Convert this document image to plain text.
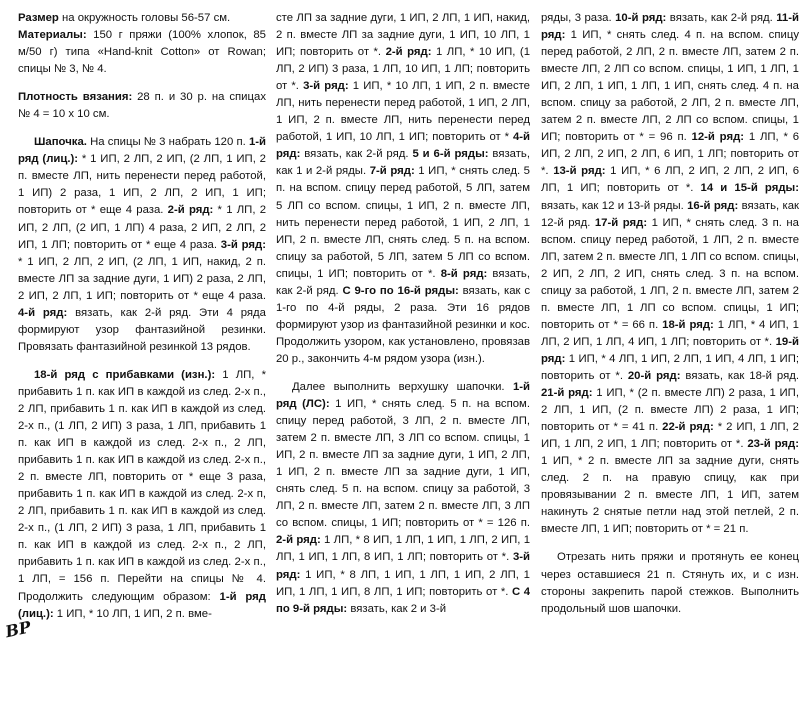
Размер на окружность головы 56-57 см.

Материалы: 150 г пряжи (100% хлопок, 85 м/50 г) типа «Hand-knit Cotton» от Rowan; спицы № 3, № 4.

Плотность вязания: 28 п. и 30 р. на спицах № 4 = 10 х 10 см.

Шапочка. На спицы № 3 набрать 120 п. 1-й ряд (лиц.): * 1 ИП, 2 ЛП, 2 ИП, (2 ЛП, 1 ИП, 2 п. вместе ЛП, нить перенести перед работой, 1 ИП) 2 раза, 1 ИП, 2 ЛП, 2 ИП, 1 ИП; повторить от * еще 4 раза. 2-й ряд: * 1 ЛП, 2 ИП, 2 ЛП, (2 ИП, 1 ЛП) 4 раза, 2 ИП, 2 ЛП, 2 ИП, 1 ЛП; повторить от * еще 4 раза. 3-й ряд: * 1 ИП, 2 ЛП, 2 ИП, (2 ЛП, 1 ИП, накид, 2 п. вместе ЛП за задние дуги, 1 ИП) 2 раза, 2 ЛП, 2 ИП, 2 ЛП, 1 ИП; повторить от * еще 4 раза. 4-й ряд: вязать, как 2-й ряд. Эти 4 ряда формируют узор фантазийной резинки. Провязать фантазийной резинкой 13 рядов.

18-й ряд с прибавками (изн.): 1 ЛП, * прибавить 1 п. как ИП в каждой из след. 2-х п., 2 ЛП, прибавить 1 п. как ИП в каждой из след. 2-х п., (1 ЛП, 2 ИП) 3 раза, 1 ЛП, прибавить 1 п. как ИП в каждой из след. 2-х п., 2 ЛП, прибавить 1 п. как ИП в каждой из след. 2-х п., 2 п. вместе ЛП, повторить от * еще 3 раза, прибавить 1 п. как ИП в каждой из след. 2-х п, 2 ЛП, прибавить 1 п. как ИП в каждой из след. 2-х п., (1 ЛП, 2 ИП) 3 раза, 1 ЛП, прибавить 1 п. как ИП в каждой из след. 2-х п., 2 ЛП, прибавить 1 п. как ИП в каждой из след. 2-х п., 1 ЛП, = 156 п. Перейти на спицы № 4. Продолжить следующим образом: 1-й ряд (лиц.): 1 ИП, * 10 ЛП, 1 ИП, 2 п. вме-

сте ЛП за задние дуги, 1 ИП, 2 ЛП, 1 ИП, накид, 2 п. вместе ЛП за задние дуги, 1 ИП, 10 ЛП, 1 ИП; повторить от *. 2-й ряд: 1 ЛП, * 10 ИП, (1 ЛП, 2 ИП) 3 раза, 1 ЛП, 10 ИП, 1 ЛП; повторить от *. 3-й ряд: 1 ИП, * 10 ЛП, 1 ИП, 2 п. вместе ЛП, нить перенести перед работой, 1 ИП, 2 ЛП, 1 ИП, 2 п. вместе ЛП, нить перенести перед работой, 1 ИП, 10 ЛП, 1 ИП; повторить от * 4-й ряд: вязать, как 2-й ряд. 5 и 6-й ряды: вязать, как 1 и 2-й ряды. 7-й ряд: 1 ИП, * снять след. 5 п. на вспом. спицу перед работой, 5 ЛП, затем 5 ЛП со вспом. спицы, 1 ИП, 2 п. вместе ЛП, нить перенести перед работой, 1 ИП, 2 ЛП, 1 ИП, 2 п. вместе ЛП, снять след. 5 п. на вспом. спицу за работой, 5 ЛП, затем 5 ЛП со вспом. спицы, 1 ИП; повторить от *. 8-й ряд: вязать, как 2-й ряд. С 9-го по 16-й ряды: вязать, как с 1-го по 4-й ряды, 2 раза. Эти 16 рядов формируют узор из фантазийной резинки и кос. Продолжить узором, как установлено, провязав 20 р., закончить 4-м рядом узора (изн.).

Далее выполнить верхушку шапочки. 1-й ряд (ЛС): 1 ИП, * снять след. 5 п. на вспом. спицу перед работой, 3 ЛП, 2 п. вместе ЛП, затем 2 п. вместе ЛП, 3 ЛП со вспом. спицы, 1 ИП, 2 п. вместе ЛП за задние дуги, 1 ИП, 2 ЛП, 1 ИП, 2 п. вместе ЛП за задние дуги, 1 ИП, снять след. 5 п. на вспом. спицу за работой, 3 ЛП, 2 п. вместе ЛП, затем 2 п. вместе ЛП, 3 ЛП со вспом. спицы, 1 ИП; повторить от * = 126 п. 2-й ряд: 1 ЛП, * 8 ИП, 1 ЛП, 1 ИП, 1 ЛП, 2 ИП, 1 ЛП, 1 ИП, 1 ЛП, 8 ИП, 1 ЛП; повторить от *. 3-й ряд: 1 ИП, * 8 ЛП, 1 ИП, 1 ЛП, 1 ИП, 2 ЛП, 1 ИП, 1 ЛП, 1 ИП, 8 ЛП, 1 ИП; повторить от *. С 4 по 9-й ряды: вязать, как 2 и 3-й

ряды, 3 раза. 10-й ряд: вязать, как 2-й ряд. 11-й ряд: 1 ИП, * снять след. 4 п. на вспом. спицу перед работой, 2 ЛП, 2 п. вместе ЛП, затем 2 п. вместе ЛП, 2 ЛП со вспом. спицы, 1 ИП, 1 ЛП, 1 ИП, 2 ЛП, 1 ИП, 1 ЛП, 1 ИП, снять след. 4 п. на вспом. спицу за работой, 2 ЛП, 2 п. вместе ЛП, затем 2 п. вместе ЛП, 2 ЛП со вспом. спицы, 1 ИП; повторить от * = 96 п. 12-й ряд: 1 ЛП, * 6 ИП, 2 ЛП, 2 ИП, 2 ЛП, 6 ИП, 1 ЛП; повторить от *. 13-й ряд: 1 ИП, * 6 ЛП, 2 ИП, 2 ЛП, 2 ИП, 6 ЛП, 1 ИП; повторить от *. 14 и 15-й ряды: вязать, как 12 и 13-й ряды. 16-й ряд: вязать, как 12-й ряд. 17-й ряд: 1 ИП, * снять след. 3 п. на вспом. спицу перед работой, 1 ЛП, 2 п. вместе ЛП, затем 2 п. вместе ЛП, 1 ЛП со вспом. спицы, 2 ИП, 2 ЛП, 2 ИП, снять след. 3 п. на вспом. спицу за работой, 1 ЛП, 2 п. вместе ЛП, затем 2 п. вместе ЛП, 1 ЛП со вспом. спицы, 1 ИП; повторить от * = 66 п. 18-й ряд: 1 ЛП, * 4 ИП, 1 ЛП, 2 ИП, 1 ЛП, 4 ИП, 1 ЛП; повторить от *. 19-й ряд: 1 ИП, * 4 ЛП, 1 ИП, 2 ЛП, 1 ИП, 4 ЛП, 1 ИП; повторить от *. 20-й ряд: вязать, как 18-й ряд. 21-й ряд: 1 ИП, * (2 п. вместе ЛП) 2 раза, 1 ИП, 2 ЛП, 1 ИП, (2 п. вместе ЛП) 2 раза, 1 ИП; повторить от * = 41 п. 22-й ряд: * 2 ИП, 1 ЛП, 2 ИП, 1 ЛП, 2 ИП, 1 ЛП; повторить от *. 23-й ряд: 1 ИП, * 2 п. вместе ЛП за задние дуги, снять след. 2 п. на правую спицу, как при провязывании 2 п. вместе ЛП, 1 ИП, затем накинуть 2 снятые петли над этой петлей, 2 п. вместе ЛП, 1 ИП; повторить от * = 21 п.

Отрезать нить пряжи и протянуть ее конец через оставшиеся 21 п. Стянуть их, и с изн. стороны закрепить парой стежков. Выполнить продольный шов шапочки.

BP
